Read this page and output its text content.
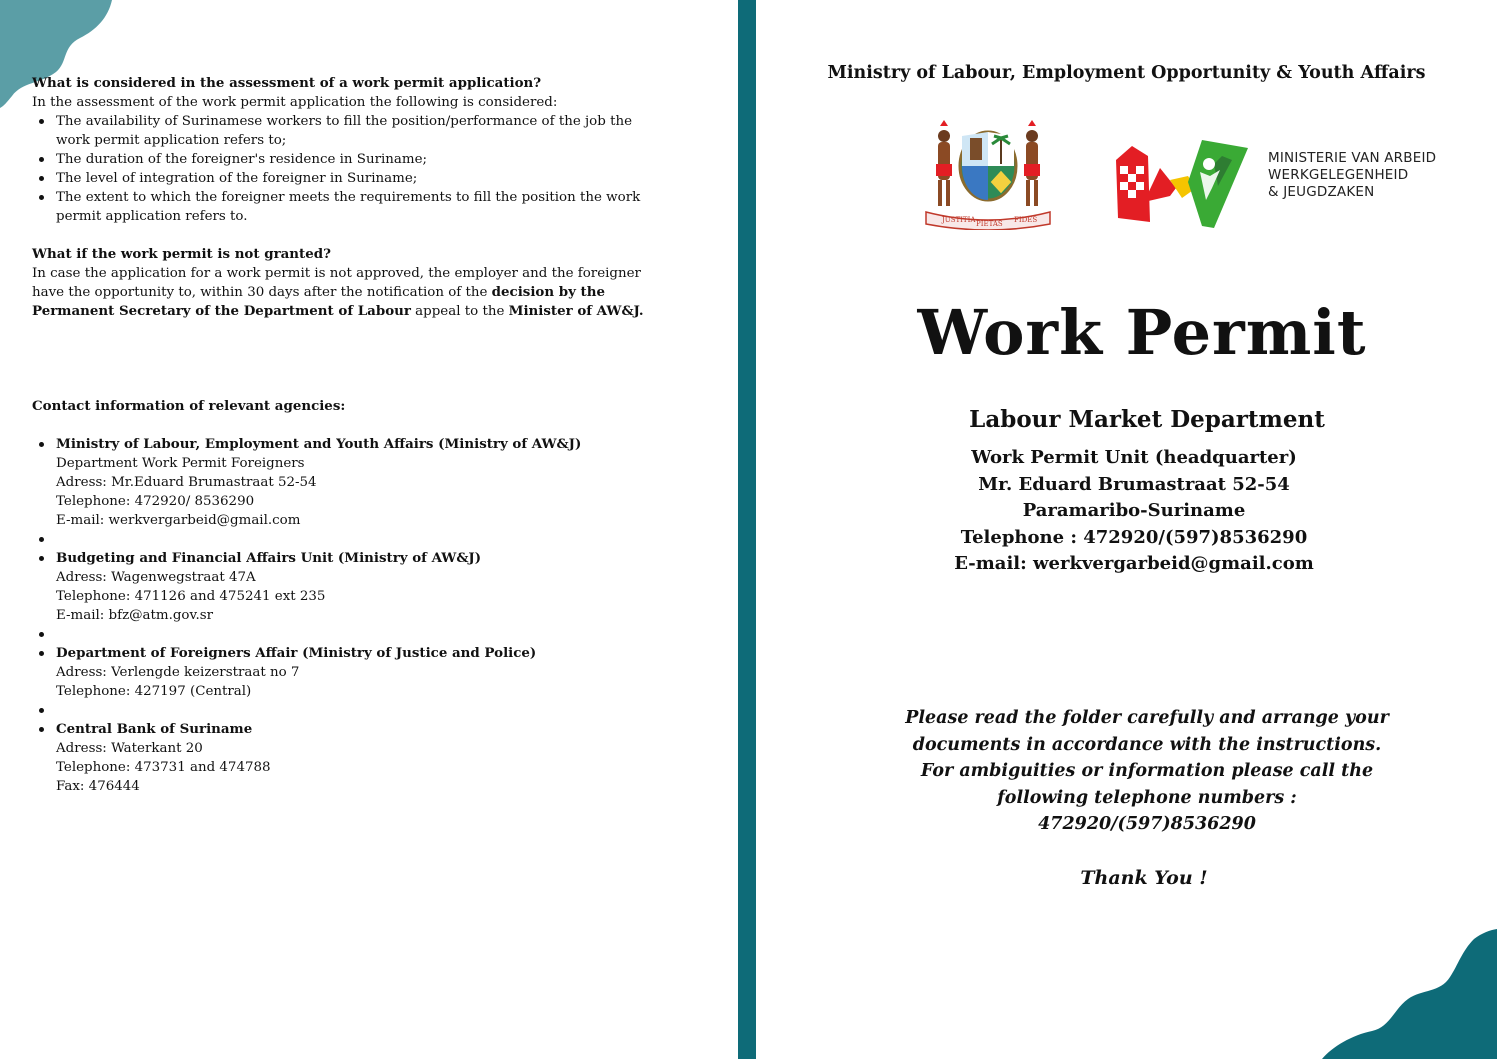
What is considered in the assessment of a work permit application?

In the assessment of the work permit application the following is considered:

The availability of Surinamese workers to fill the position/performance of the job the work permit application refers to;
The duration of the foreigner's residence in Suriname;
The level of integration of the foreigner in Suriname;
The extent to which the foreigner meets the requirements to fill the position the work permit application refers to.

What if the work permit is not granted?

In case the application for a work permit is not approved, the employer and the foreigner have the opportunity to, within 30 days after the notification of the decision by the Permanent Secretary of the Department of Labour appeal to the Minister of AW&J.

Contact information of relevant agencies:

Ministry of Labour, Employment and Youth Affairs (Ministry of AW&J)
Department Work Permit Foreigners
Adress: Mr.Eduard Brumastraat 52-54
Telephone: 472920/ 8536290
E-mail: werkvergarbeid@gmail.com
Budgeting and Financial Affairs Unit (Ministry of AW&J)
Adress: Wagenwegstraat 47A
Telephone: 471126 and 475241 ext 235
E-mail: bfz@atm.gov.sr
Department of Foreigners Affair (Ministry of Justice and Police)
Adress: Verlengde keizerstraat no 7
Telephone: 427197 (Central)
Central Bank of Suriname
Adress: Waterkant 20
Telephone: 473731 and 474788
Fax: 476444
Ministry of Labour, Employment Opportunity & Youth Affairs
JUSTITIA PIETAS FIDES
MINISTERIE VAN ARBEID
WERKGELEGENHEID
& JEUGDZAKEN
Work Permit
Labour Market Department
Work Permit Unit (headquarter)
Mr. Eduard Brumastraat 52-54
Paramaribo-Suriname
Telephone : 472920/(597)8536290
E-mail: werkvergarbeid@gmail.com
Please read the folder carefully and arrange your documents in accordance with the instructions. For ambiguities or information please call the following telephone numbers : 472920/(597)8536290
Thank You !
